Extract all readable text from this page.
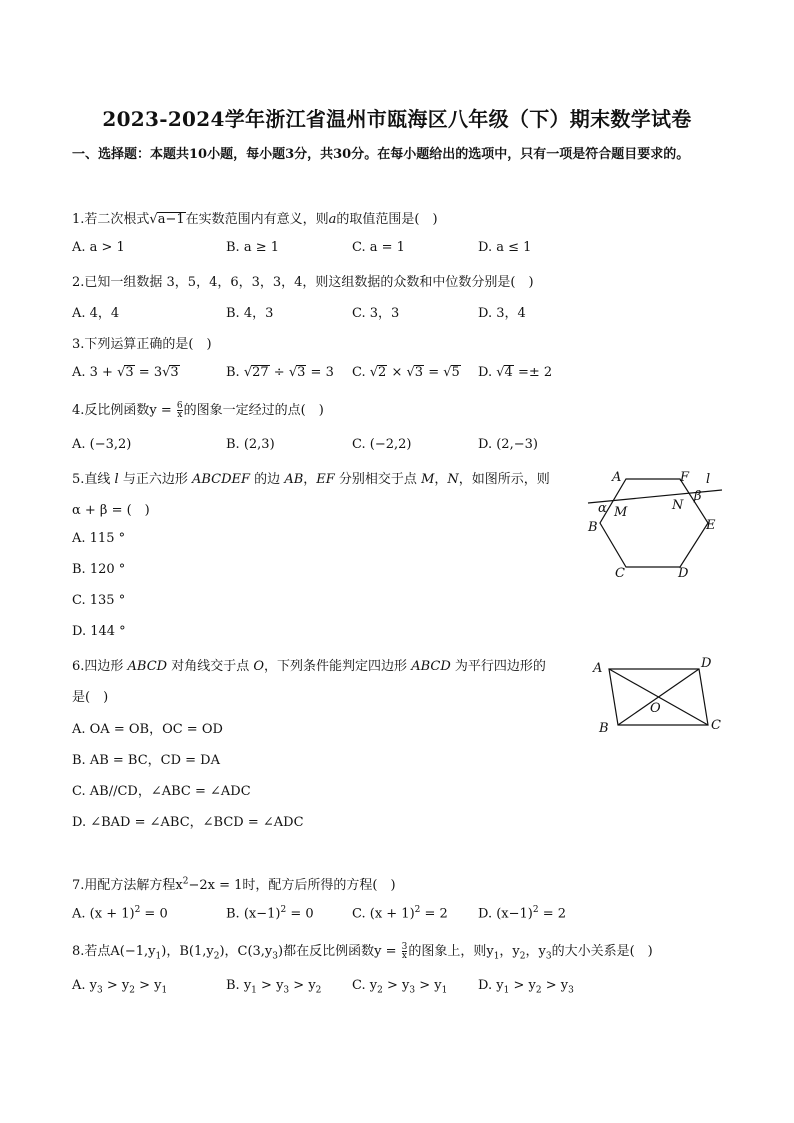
2023-2024学年浙江省温州市瓯海区八年级（下）期末数学试卷
一、选择题：本题共10小题，每小题3分，共30分。在每小题给出的选项中，只有一项是符合题目要求的。
1.若二次根式√a−1在实数范围内有意义，则a的取值范围是(　)
A. a > 1	B. a ≥ 1	C. a = 1	D. a ≤ 1
2.已知一组数据 3，5，4，6，3，3，4，则这组数据的众数和中位数分别是(　)
A. 4，4	B. 4，3	C. 3，3	D. 3，4
3.下列运算正确的是(　)
A. 3 + √3 = 3√3	B. √27 ÷ √3 = 3 C. √2 × √3 = √5 D. √4 =± 2
4.反比例函数$y = \frac{6}{x}$ 的图象一定经过的点(　)
A. (−3,2)	B. (2,3)	C. (−2,2)	D. (2,−3)
5.直线 l 与正六边形 ABCDEF 的边 AB，EF 分别相交于点 M，N，如图所示，则
α + β = (　)
A. 115 °
B. 120 °
C. 135 °
D. 144 °
A	F l
α M	N
β
B	E
C	D
6.四边形 ABCD 对角线交于点 O，下列条件能判定四边形 ABCD 为平行四边形的
是(　)
A. OA = OB，OC = OD
B. AB = BC，CD = DA
C. AB//CD，∠ABC = ∠ADC
D. ∠BAD = ∠ABC，∠BCD = ∠ADC
A	D
O
B	C
7.用配方法解方程$x^2-2x = 1$时，配方后所得的方程(　)
A. $(x + 1)^2 = 0$	B. $(x-1)^2 = 0$	C. $(x + 1)^2 = 2$ D. $(x-1)^2 = 2$
8.若点$A(-1,y_1)$，$B(1,y_2)$，$C(3,y_3)$都在反比例函数$y = \frac{3}{x}$ 的图象上，则$y_1$，$y_2$，$y_3$的大小关系是(　)
A. $y_3 > y_2 > y_1$	B. $y_1 > y_3 > y_2$ C. $y_2 > y_3 > y_1$ D. $y_1 > y_2 > y_3$
